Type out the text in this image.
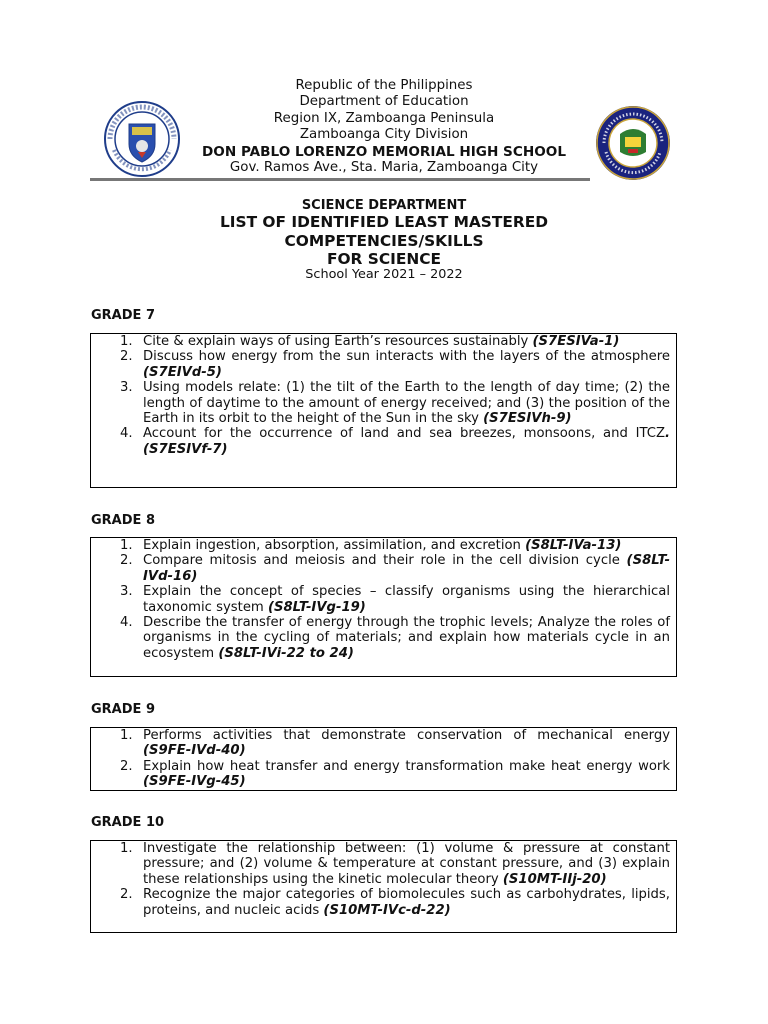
Republic of the Philippines
Department of Education
Region IX, Zamboanga Peninsula
Zamboanga City Division
DON PABLO LORENZO MEMORIAL HIGH SCHOOL
Gov. Ramos Ave., Sta. Maria, Zamboanga City
SCIENCE DEPARTMENT
LIST OF IDENTIFIED LEAST MASTERED
COMPETENCIES/SKILLS
FOR SCIENCE
School Year 2021 – 2022
GRADE 7
1. Cite & explain ways of using Earth’s resources sustainably (S7ESIVa-1)
2. Discuss how energy from the sun interacts with the layers of the atmosphere (S7EIVd-5)
3. Using models relate: (1) the tilt of the Earth to the length of day time; (2) the length of daytime to the amount of energy received; and (3) the position of the Earth in its orbit to the height of the Sun in the sky (S7ESIVh-9)
4. Account for the occurrence of land and sea breezes, monsoons, and ITCZ. (S7ESIVf-7)
GRADE 8
1. Explain ingestion, absorption, assimilation, and excretion (S8LT-IVa-13)
2. Compare mitosis and meiosis and their role in the cell division cycle (S8LT-IVd-16)
3. Explain the concept of species – classify organisms using the hierarchical taxonomic system (S8LT-IVg-19)
4. Describe the transfer of energy through the trophic levels; Analyze the roles of organisms in the cycling of materials; and explain how materials cycle in an ecosystem (S8LT-IVi-22 to 24)
GRADE 9
1. Performs activities that demonstrate conservation of mechanical energy (S9FE-IVd-40)
2. Explain how heat transfer and energy transformation make heat energy work (S9FE-IVg-45)
GRADE 10
1. Investigate the relationship between: (1) volume & pressure at constant pressure; and (2) volume & temperature at constant pressure, and (3) explain these relationships using the kinetic molecular theory (S10MT-IIj-20)
2. Recognize the major categories of biomolecules such as carbohydrates, lipids, proteins, and nucleic acids (S10MT-IVc-d-22)
